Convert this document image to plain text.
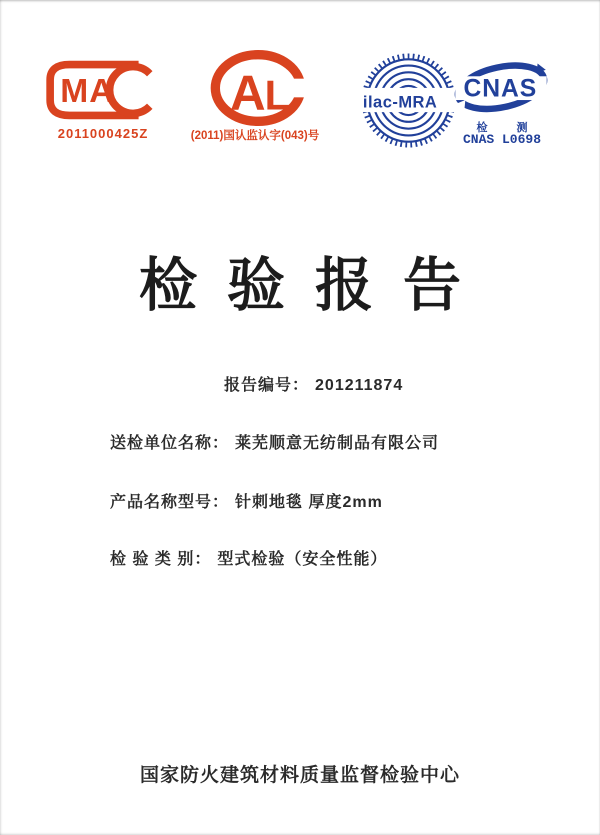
MA
2011000425Z
A L
(2011)国认监认字(043)号
ilac-MRA CNAS
检 测
CNAS L0698
检验报告
报告编号： 201211874
送检单位名称： 莱芜顺意无纺制品有限公司
产品名称型号： 针刺地毯 厚度2mm
检 验 类 别： 型式检验（安全性能）
国家防火建筑材料质量监督检验中心
